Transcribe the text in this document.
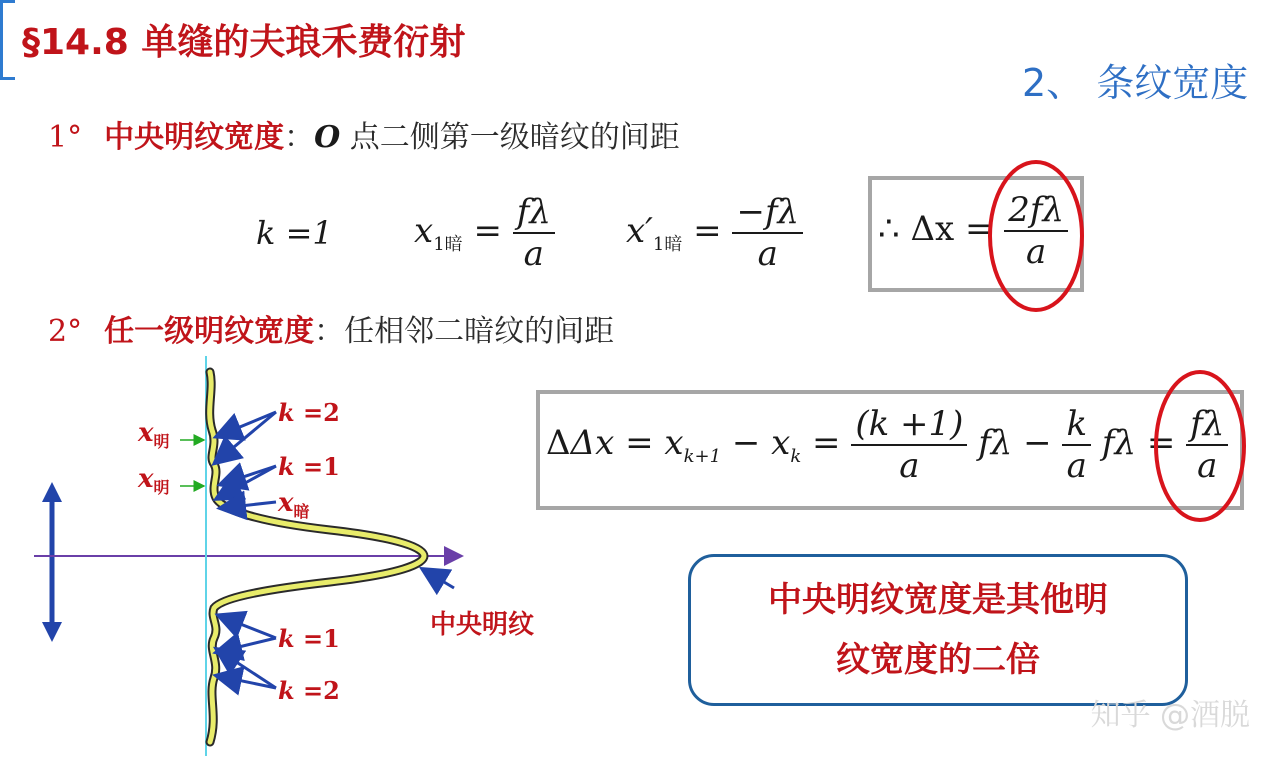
§14.8 单缝的夫琅禾费衍射
2、 条纹宽度
1° 中央明纹宽度：O 点二侧第一级暗纹的间距
k =1 $x_{1暗} = \frac{f\lambda}{a} x'_{1暗} = \frac{-f\lambda}{a}$ ∴ $\Delta x = \frac{2f\lambda}{a}$
2° 任一级明纹宽度：任相邻二暗纹的间距
$\Delta\Delta x = x_{k+1} - x_k = \frac{(k +1)}{a}$ $f\lambda - \frac{k}{a}$ $f\lambda = \frac{f\lambda}{a}$
$x_明$
$x_明$
$x_暗$
k =2
k =1
k =1
k =2
中央明纹
中央明纹宽度是其他明
纹宽度的二倍
知乎 @酒脱
